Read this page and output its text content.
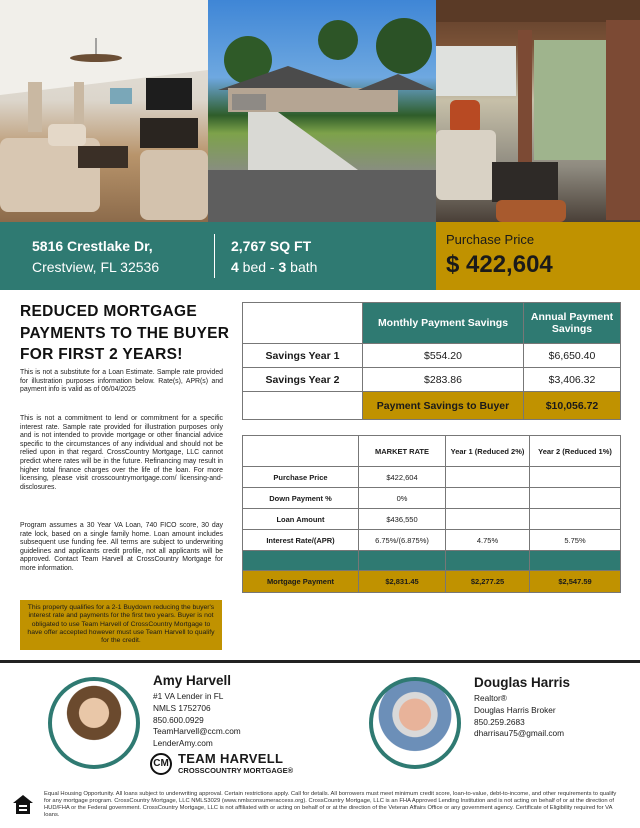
5816 Crestlake Dr,
Crestview, FL 32536
2,767 SQ FT
4 bed - 3 bath
Purchase Price
$ 422,604
REDUCED MORTGAGE PAYMENTS TO THE BUYER FOR FIRST 2 YEARS!
This is not a substitute for a Loan Estimate. Sample rate provided for illustration purposes information below. Rate(s), APR(s) and payment info is valid as of 06/04/2025
This is not a commitment to lend or commitment for a specific interest rate. Sample rate provided for illustration purposes only and is not intended to provide mortgage or other financial advice specific to the circumstances of any individual and should not be relied upon in that regard. CrossCountry Mortgage, LLC cannot predict where rates will be in the future. Refinancing may result in higher total finance charges over the life of the loan. For more licensing, please visit crosscountrymortgage.com/ licensing-and-disclosures.
Program assumes a 30 Year VA Loan, 740 FICO score, 30 day rate lock, based on a single family home. Loan amount includes subsequent use funding fee. All terms are subject to underwriting guidelines and applicants credit profile, not all applicants will be approved. Contact Team Harvell at CrossCountry Mortgage for more information.
This property qualifies for a 2-1 Buydown reducing the buyer's interest rate and payments for the first two years. Buyer is not obligated to use Team Harvell of CrossCountry Mortgage to have offer accepted however must use Team Harvell to qualify for the credit.
	Monthly Payment Savings	Annual Payment Savings
Savings Year 1	$554.20	$6,650.40
Savings Year 2	$283.86	$3,406.32
	Payment Savings to Buyer	$10,056.72
	MARKET RATE	Year 1 (Reduced 2%)	Year 2 (Reduced 1%)
Purchase Price	$422,604		
Down Payment %	0%		
Loan Amount	$436,550		
Interest Rate/(APR)	6.75%/(6.875%)	4.75%	5.75%

Mortgage Payment	$2,831.45	$2,277.25	$2,547.59
Amy Harvell
#1 VA Lender in FL
NMLS 1752706
850.600.0929
TeamHarvell@ccm.com
LenderAmy.com
CM TEAM HARVELL
CROSSCOUNTRY MORTGAGE®
Douglas Harris
Realtor®
Douglas Harris Broker
850.259.2683
dharrisau75@gmail.com
Equal Housing Opportunity. All loans subject to underwriting approval. Certain restrictions apply. Call for details. All borrowers must meet minimum credit score, loan-to-value, debt-to-income, and other requirements to qualify for any mortgage program. CrossCountry Mortgage, LLC NMLS3029 (www.nmlsconsumeraccess.org). CrossCountry Mortgage, LLC is an FHA Approved Lending Institution and is not acting on behalf of or at the direction of HUD/FHA or the Federal government. CrossCountry Mortgage, LLC is not affiliated with or acting on behalf of or at the direction of the Veteran Affairs Office or any government agency. Certificate of Eligibility required for VA loans.
